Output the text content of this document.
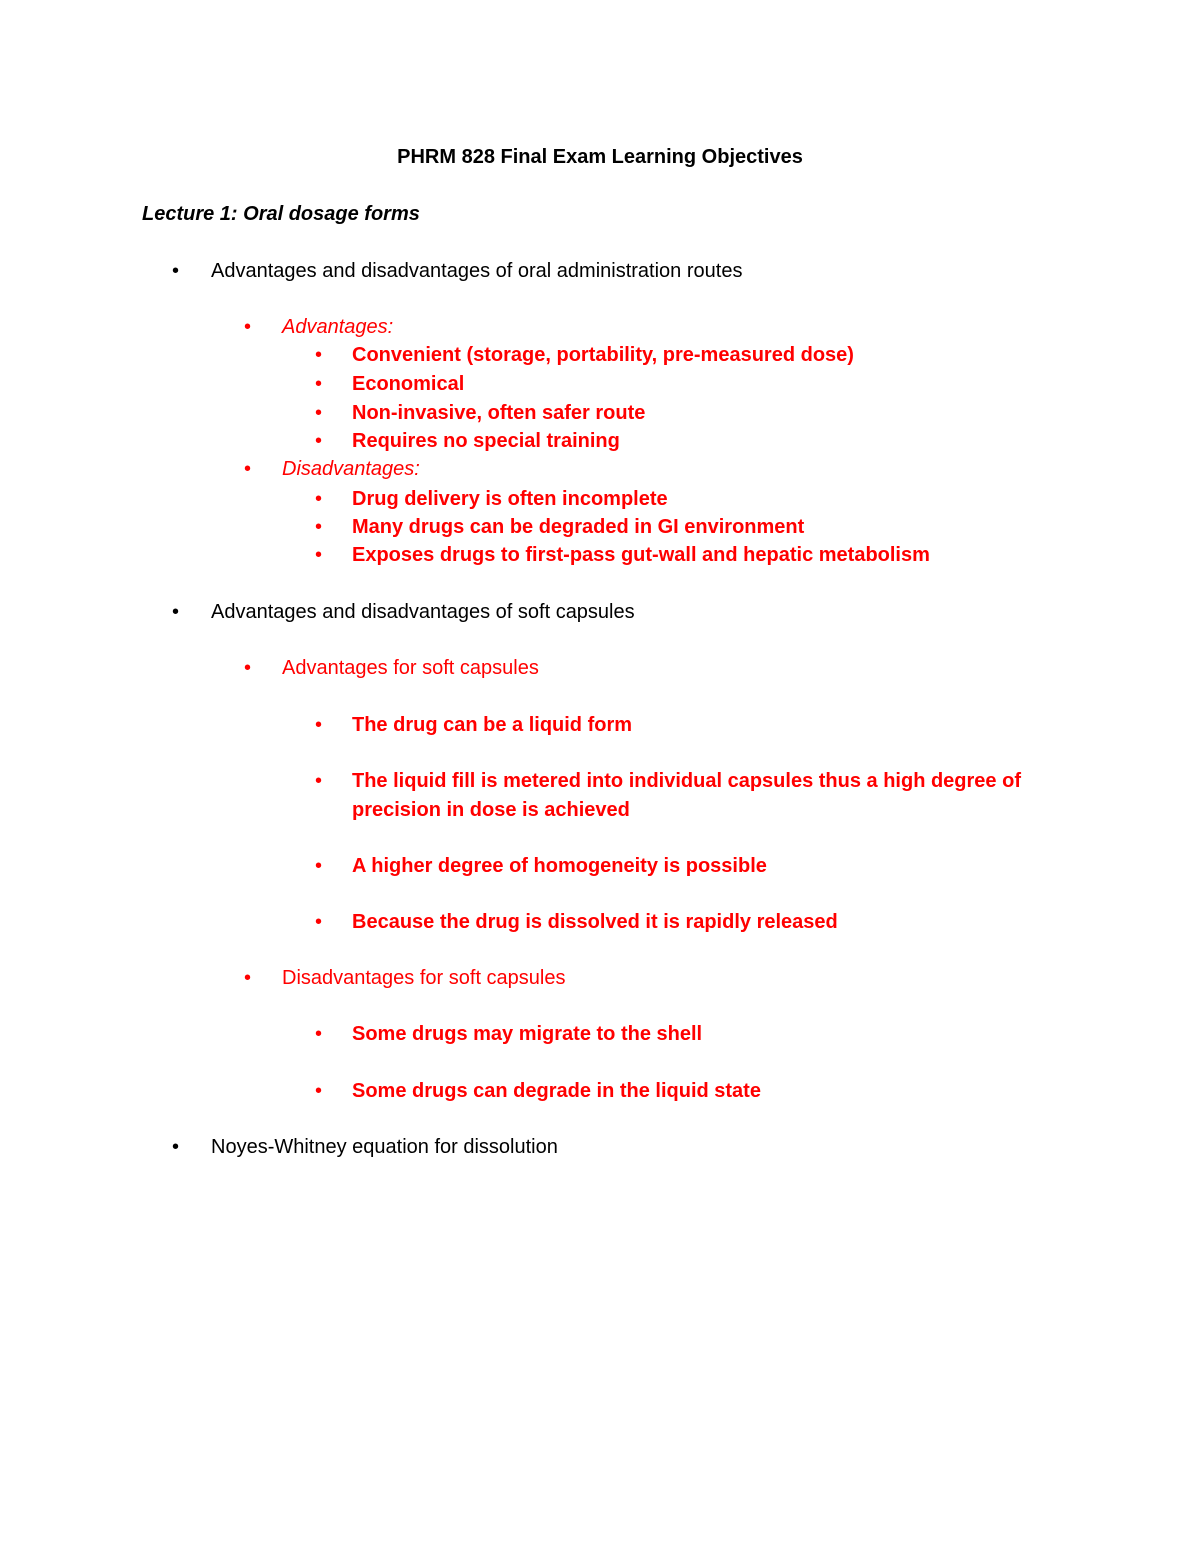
PHRM 828 Final Exam Learning Objectives
Lecture 1: Oral dosage forms
•
Advantages and disadvantages of oral administration routes
•
Advantages:
•
Convenient (storage, portability, pre-measured dose)
•
Economical
•
Non-invasive, often safer route
•
Requires no special training
•
Disadvantages:
•
Drug delivery is often incomplete
•
Many drugs can be degraded in GI environment
•
Exposes drugs to first-pass gut-wall and hepatic metabolism
•
Advantages and disadvantages of soft capsules
•
Advantages for soft capsules
•
The drug can be a liquid form
•
The liquid fill is metered into individual capsules thus a high degree of
precision in dose is achieved
•
A higher degree of homogeneity is possible
•
Because the drug is dissolved it is rapidly released
•
Disadvantages for soft capsules
•
Some drugs may migrate to the shell
•
Some drugs can degrade in the liquid state
•
Noyes-Whitney equation for dissolution
